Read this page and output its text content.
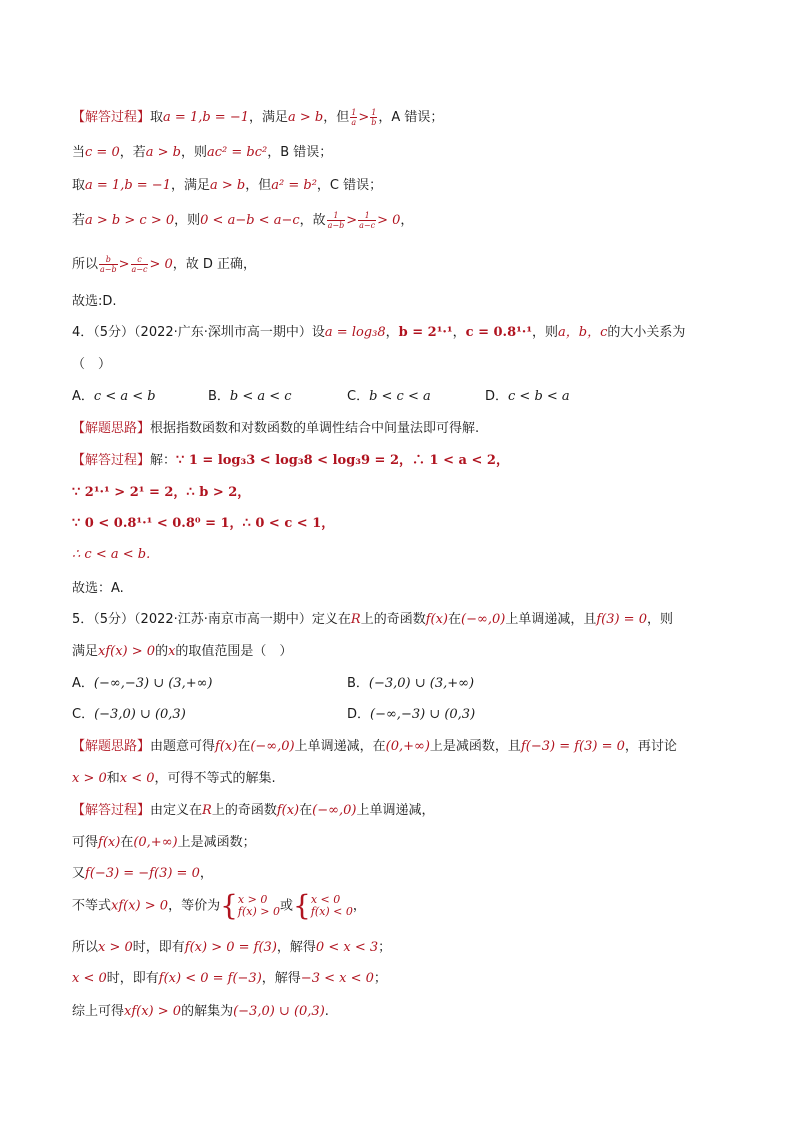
【解答过程】取a = 1,b = −1，满足a > b，但 $\frac{1}{a} > \frac{1}{b}$ ，A 错误；
当c = 0，若a > b，则ac² = bc²，B 错误；
取a = 1,b = −1，满足a > b，但a² = b²，C 错误；
若a > b > c > 0，则0 < a−b < a−c，故 $\frac{1}{a-b} > \frac{1}{a-c} > 0$，
所以 $\frac{b}{a-b} > \frac{c}{a-c} > 0$，故 D 正确，
故选:D.
4．（5分）（2022·广东·深圳市高一期中）设a = log₃8，b = 2¹·¹，c = 0.8¹·¹，则a，b，c的大小关系为
（　）
A．c < a < b	B．b < a < c	C．b < c < a	D．c < b < a
【解题思路】根据指数函数和对数函数的单调性结合中间量法即可得解.
【解答过程】解：∵ 1 = log₃3 < log₃8 < log₃9 = 2，∴ 1 < a < 2，
∵ 2¹·¹ > 2¹ = 2，∴ b > 2，
∵ 0 < 0.8¹·¹ < 0.8⁰ = 1，∴ 0 < c < 1，
∴ c < a < b.
故选：A.
5．（5分）（2022·江苏·南京市高一期中）定义在R上的奇函数f(x)在(−∞,0)上单调递减，且f(3) = 0，则
满足xf(x) > 0的x的取值范围是（　）
A．(−∞,−3) ∪ (3,+∞)	B．(−3,0) ∪ (3,+∞)
C．(−3,0) ∪ (0,3)	D．(−∞,−3) ∪ (0,3)
【解题思路】由题意可得f(x)在(−∞,0)上单调递减，在(0,+∞)上是减函数，且f(−3) = f(3) = 0，再讨论
x > 0和x < 0，可得不等式的解集.
【解答过程】由定义在R上的奇函数f(x)在(−∞,0)上单调递减，
可得f(x)在(0,+∞)上是减函数；
又f(−3) = −f(3) = 0，
不等式xf(x) > 0，等价为{ x > 0
f(x) > 0 或{ x < 0
f(x) < 0 ，
所以x > 0时，即有f(x) > 0 = f(3)，解得0 < x < 3；
x < 0时，即有f(x) < 0 = f(−3)，解得−3 < x < 0；
综上可得xf(x) > 0的解集为(−3,0) ∪ (0,3).
